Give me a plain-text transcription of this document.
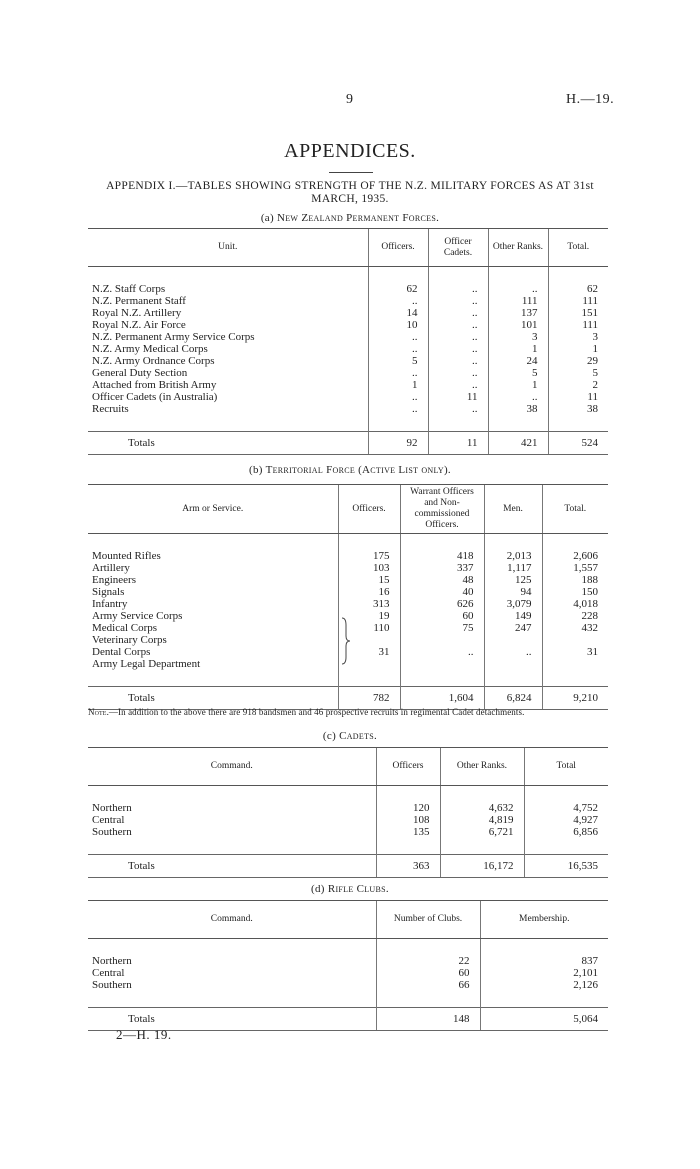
9	H.—19.
APPENDICES.
APPENDIX I.—TABLES SHOWING STRENGTH OF THE N.Z. MILITARY FORCES AS AT 31st MARCH, 1935.
(a) New Zealand Permanent Forces.
Unit.	Officers.	Officer Cadets.	Other Ranks.	Total.

N.Z. Staff Corps	62	..	..	62
N.Z. Permanent Staff	..	..	111	111
Royal N.Z. Artillery	14	..	137	151
Royal N.Z. Air Force	10	..	101	111
N.Z. Permanent Army Service Corps	..	..	3	3
N.Z. Army Medical Corps	..	..	1	1
N.Z. Army Ordnance Corps	5	..	24	29
General Duty Section	..	..	5	5
Attached from British Army	1	..	1	2
Officer Cadets (in Australia)	..	11	..	11
Recruits	..	..	38	38

Totals	92	11	421	524
(b) Territorial Force (Active List only).
Arm or Service.	Officers.	Warrant Officers and Non-commissioned Officers.	Men.	Total.

Mounted Rifles	175	418	2,013	2,606
Artillery	103	337	1,117	1,557
Engineers	15	48	125	188
Signals	16	40	94	150
Infantry	313	626	3,079	4,018
Army Service Corps	19	60	149	228
Medical Corps	110	75	247	432
Veterinary Corps				
Dental Corps	31	..	..	31
Army Legal Department				

Totals	782	1,604	6,824	9,210
Note.—In addition to the above there are 918 bandsmen and 46 prospective recruits in regimental Cadet detachments.
(c) Cadets.
Command.	Officers	Other Ranks.	Total

Northern	120	4,632	4,752
Central	108	4,819	4,927
Southern	135	6,721	6,856

Totals	363	16,172	16,535
(d) Rifle Clubs.
Command.	Number of Clubs.	Membership.

Northern	22	837
Central	60	2,101
Southern	66	2,126

Totals	148	5,064
2—H. 19.
